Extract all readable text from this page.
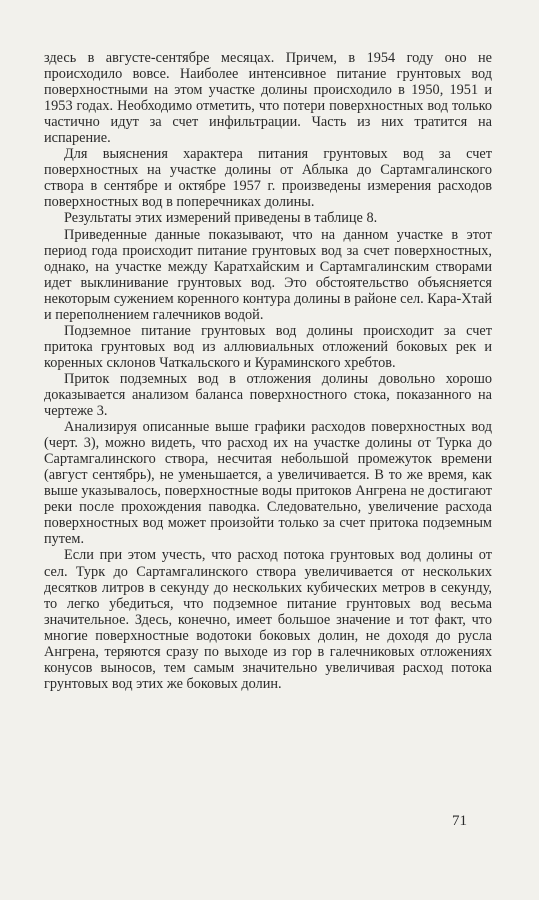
здесь в августе-сентябре месяцах. Причем, в 1954 году оно не происходило вовсе. Наиболее интенсивное питание грунтовых вод поверхностными на этом участке долины происходило в 1950, 1951 и 1953 годах. Необходимо отметить, что потери поверхностных вод только частично идут за счет инфильтрации. Часть из них тратится на испарение.

Для выяснения характера питания грунтовых вод за счет поверхностных на участке долины от Аблыка до Сартамгалинского створа в сентябре и октябре 1957 г. произведены измерения расходов поверхностных вод в поперечниках долины.

Результаты этих измерений приведены в таблице 8.

Приведенные данные показывают, что на данном участке в этот период года происходит питание грунтовых вод за счет поверхностных, однако, на участке между Каратхайским и Сартамгалинским створами идет выклинивание грунтовых вод. Это обстоятельство объясняется некоторым сужением коренного контура долины в районе сел. Кара-Хтай и переполнением галечников водой.

Подземное питание грунтовых вод долины происходит за счет притока грунтовых вод из аллювиальных отложений боковых рек и коренных склонов Чаткальского и Кураминского хребтов.

Приток подземных вод в отложения долины довольно хорошо доказывается анализом баланса поверхностного стока, показанного на чертеже 3.

Анализируя описанные выше графики расходов поверхностных вод (черт. 3), можно видеть, что расход их на участке долины от Турка до Сартамгалинского створа, несчитая небольшой промежуток времени (август сентябрь), не уменьшается, а увеличивается. В то же время, как выше указывалось, поверхностные воды притоков Ангрена не достигают реки после прохождения паводка. Следовательно, увеличение расхода поверхностных вод может произойти только за счет притока подземным путем.

Если при этом учесть, что расход потока грунтовых вод долины от сел. Турк до Сартамгалинского створа увеличивается от нескольких десятков литров в секунду до нескольких кубических метров в секунду, то легко убедиться, что подземное питание грунтовых вод весьма значительное. Здесь, конечно, имеет большое значение и тот факт, что многие поверхностные водотоки боковых долин, не доходя до русла Ангрена, теряются сразу по выходе из гор в галечниковых отложениях конусов выносов, тем самым значительно увеличивая расход потока грунтовых вод этих же боковых долин.

71
